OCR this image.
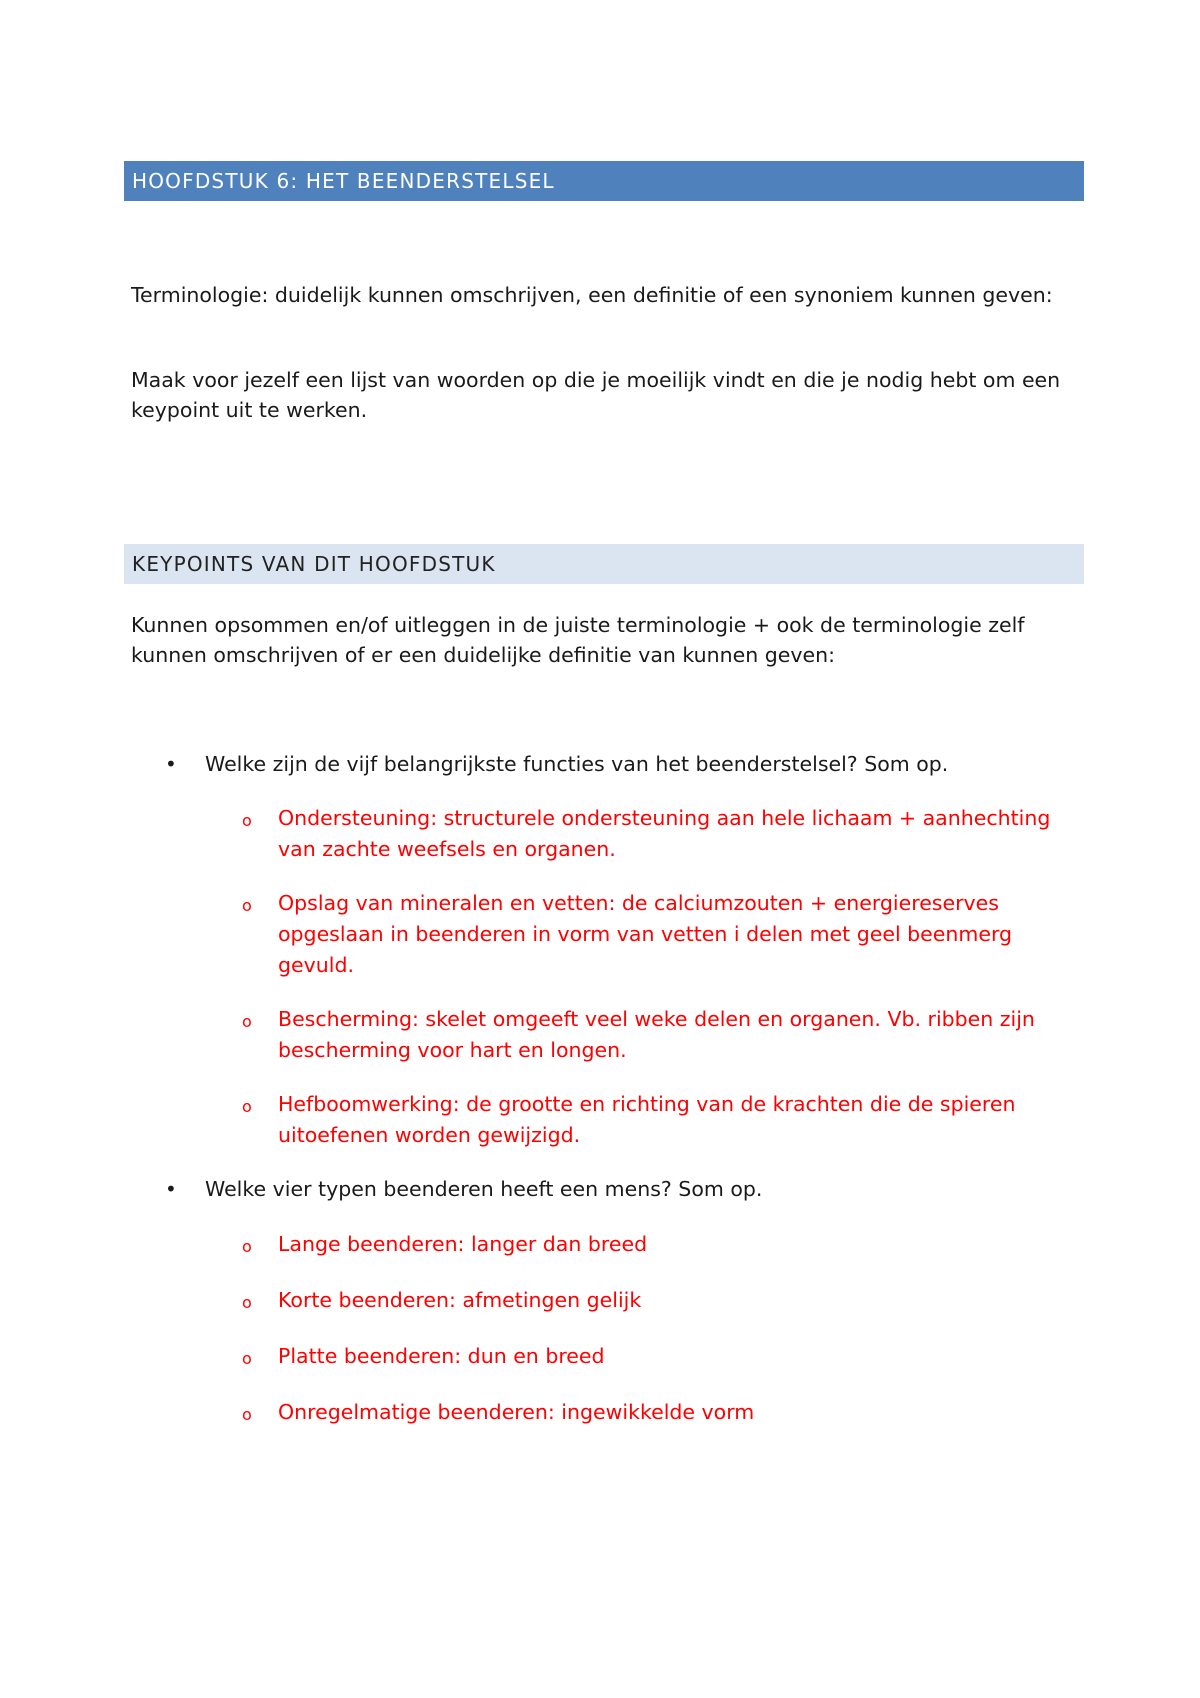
HOOFDSTUK 6: HET BEENDERSTELSEL

Terminologie: duidelijk kunnen omschrijven, een definitie of een synoniem kunnen geven:

Maak voor jezelf een lijst van woorden op die je moeilijk vindt en die je nodig hebt om een keypoint uit te werken.

KEYPOINTS VAN DIT HOOFDSTUK

Kunnen opsommen en/of uitleggen in de juiste terminologie + ook de terminologie zelf kunnen omschrijven of er een duidelijke definitie van kunnen geven:

• Welke zijn de vijf belangrijkste functies van het beenderstelsel? Som op.
o Ondersteuning: structurele ondersteuning aan hele lichaam + aanhechting van zachte weefsels en organen.
o Opslag van mineralen en vetten: de calciumzouten + energiereserves opgeslaan in beenderen in vorm van vetten i delen met geel beenmerg gevuld.
o Bescherming: skelet omgeeft veel weke delen en organen. Vb. ribben zijn bescherming voor hart en longen.
o Hefboomwerking: de grootte en richting van de krachten die de spieren uitoefenen worden gewijzigd.
• Welke vier typen beenderen heeft een mens? Som op.
o Lange beenderen: langer dan breed
o Korte beenderen: afmetingen gelijk
o Platte beenderen: dun en breed
o Onregelmatige beenderen: ingewikkelde vorm
